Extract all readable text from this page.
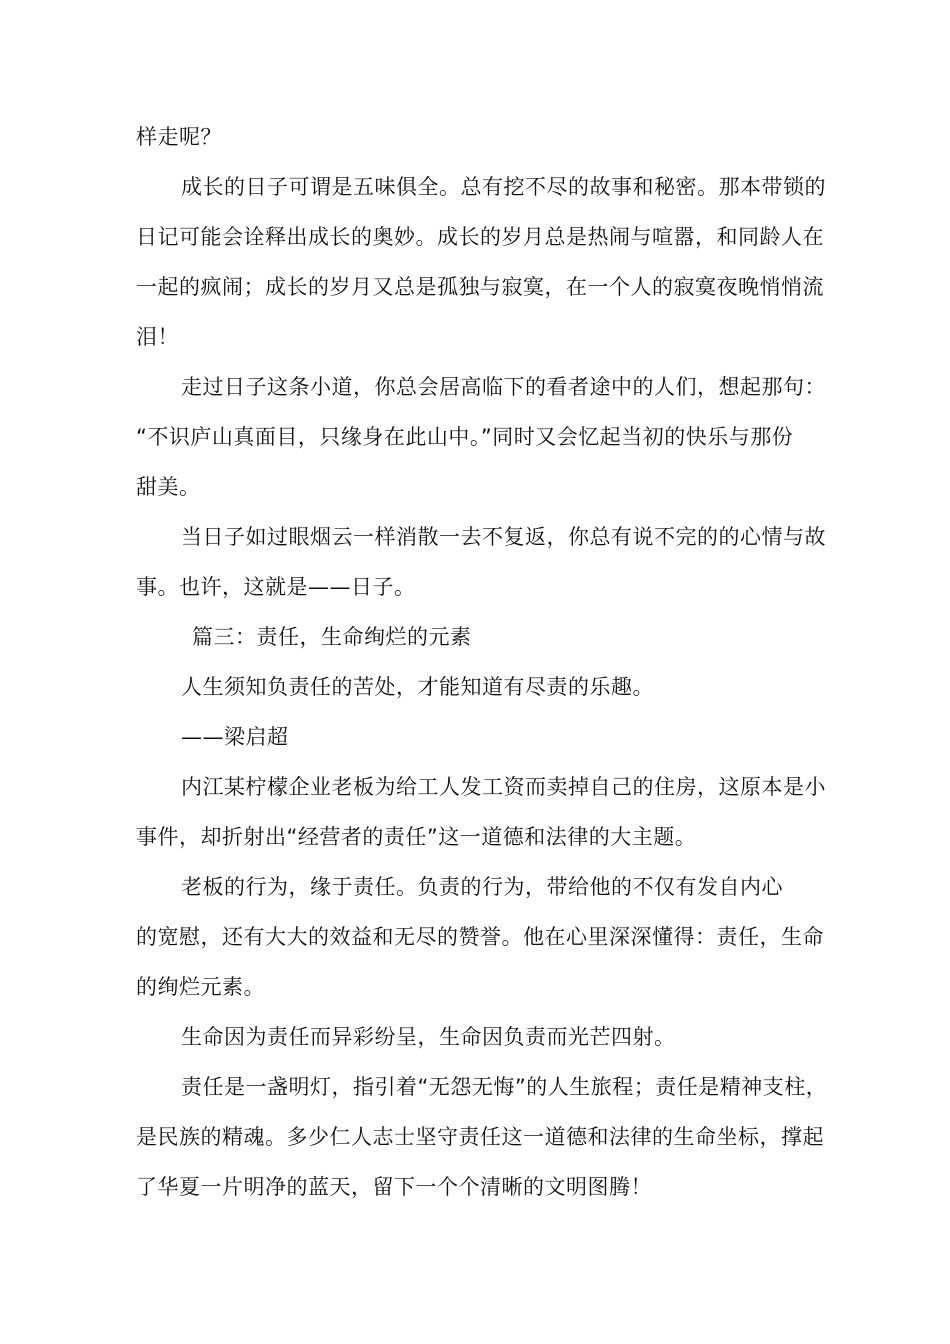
样走呢？
成长的日子可谓是五味俱全。总有挖不尽的故事和秘密。那本带锁的
日记可能会诠释出成长的奥妙。成长的岁月总是热闹与喧嚣，和同龄人在
一起的疯闹；成长的岁月又总是孤独与寂寞，在一个人的寂寞夜晚悄悄流
泪！
走过日子这条小道，你总会居高临下的看者途中的人们，想起那句：
“不识庐山真面目，只缘身在此山中。”同时又会忆起当初的快乐与那份
甜美。
当日子如过眼烟云一样消散一去不复返，你总有说不完的的心情与故
事。也许，这就是——日子。
篇三：责任，生命绚烂的元素
人生须知负责任的苦处，才能知道有尽责的乐趣。
——梁启超
内江某柠檬企业老板为给工人发工资而卖掉自己的住房，这原本是小
事件，却折射出“经营者的责任”这一道德和法律的大主题。
老板的行为，缘于责任。负责的行为，带给他的不仅有发自内心
的宽慰，还有大大的效益和无尽的赞誉。他在心里深深懂得：责任，生命
的绚烂元素。
生命因为责任而异彩纷呈，生命因负责而光芒四射。
责任是一盏明灯，指引着“无怨无悔”的人生旅程；责任是精神支柱，
是民族的精魂。多少仁人志士坚守责任这一道德和法律的生命坐标，撑起
了华夏一片明净的蓝天，留下一个个清晰的文明图腾！
